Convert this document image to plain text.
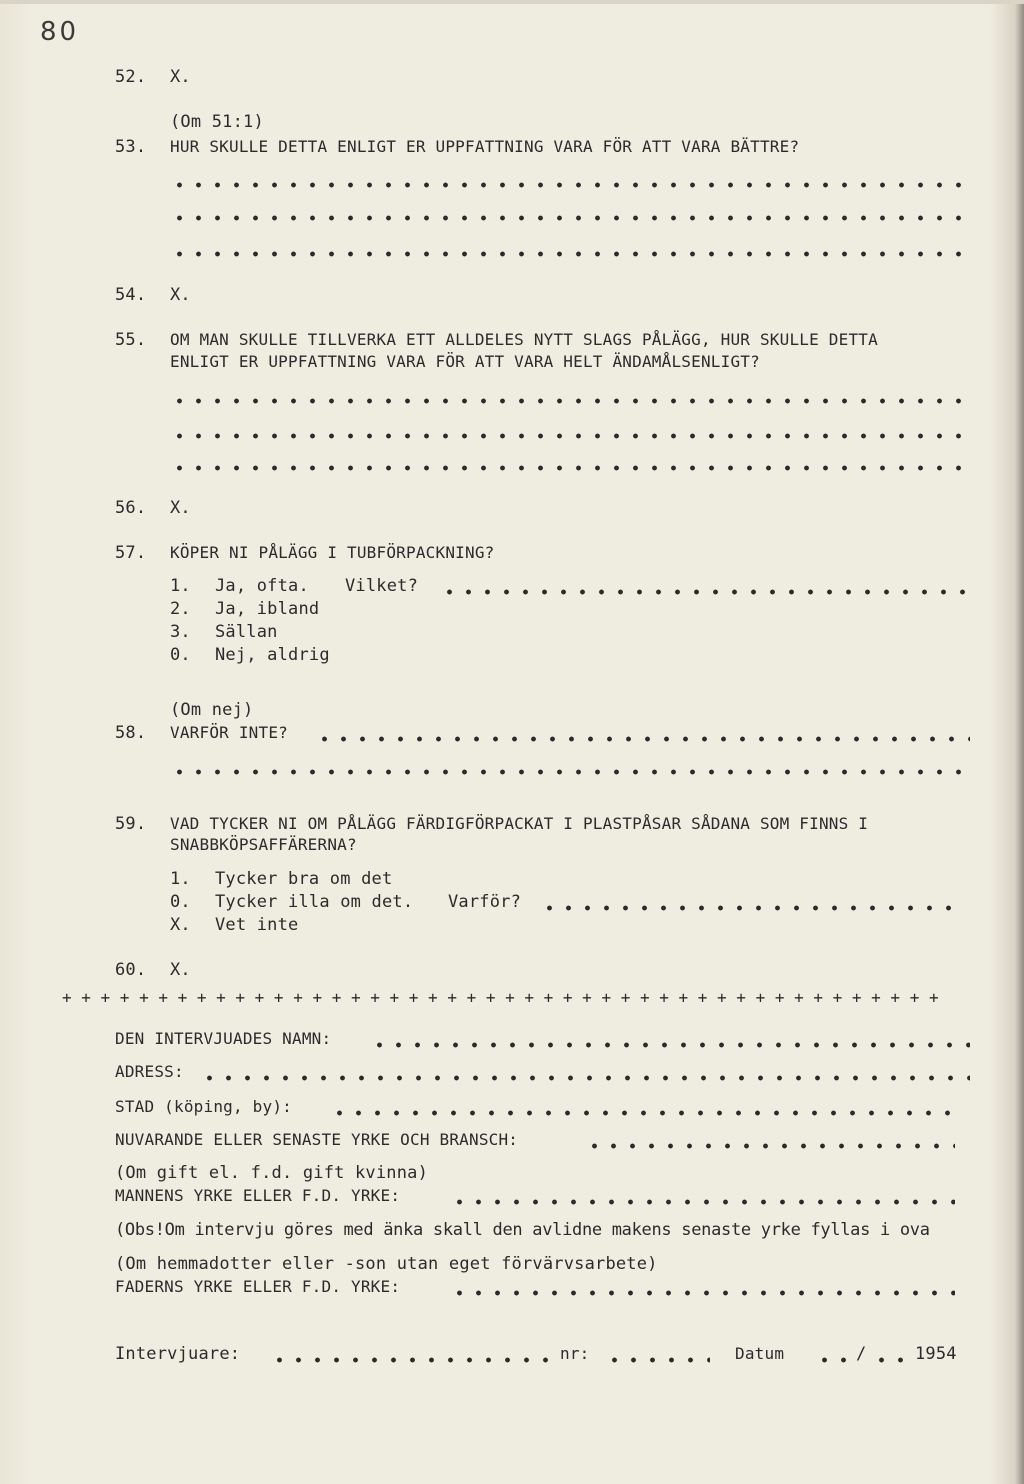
80
52. X.
(Om 51:1)
53. HUR SKULLE DETTA ENLIGT ER UPPFATTNING VARA FÖR ATT VARA BÄTTRE?
54. X.
55. OM MAN SKULLE TILLVERKA ETT ALLDELES NYTT SLAGS PÅLÄGG, HUR SKULLE DETTA
ENLIGT ER UPPFATTNING VARA FÖR ATT VARA HELT ÄNDAMÅLSENLIGT?
56. X.
57. KÖPER NI PÅLÄGG I TUBFÖRPACKNING?
1. Ja, ofta. Vilket?
2. Ja, ibland
3. Sällan
0. Nej, aldrig
(Om nej)
58. VARFÖR INTE?
59. VAD TYCKER NI OM PÅLÄGG FÄRDIGFÖRPACKAT I PLASTPÅSAR SÅDANA SOM FINNS I
SNABBKÖPSAFFÄRERNA?
1. Tycker bra om det
0. Tycker illa om det. Varför?
X. Vet inte
60. X.
+ + + + + + + + + + + + + + + + + + + + + + + + + + + + + + + + + + + + + + + + + + + + + +
DEN INTERVJUADES NAMN:
ADRESS:
STAD (köping, by):
NUVARANDE ELLER SENASTE YRKE OCH BRANSCH:
(Om gift el. f.d. gift kvinna)
MANNENS YRKE ELLER F.D. YRKE:
(Obs!Om intervju göres med änka skall den avlidne makens senaste yrke fyllas i ova
(Om hemmadotter eller -son utan eget förvärvsarbete)
FADERNS YRKE ELLER F.D. YRKE:
Intervjuare:	nr:	Datum	/	1954
